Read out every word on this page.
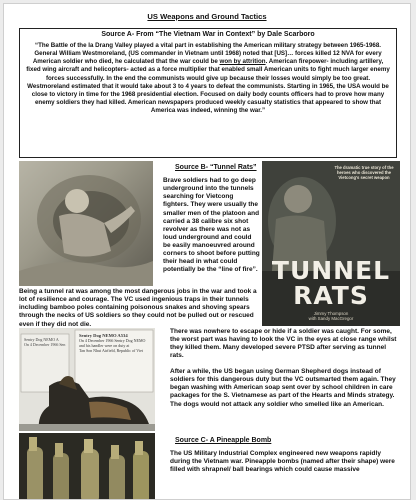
US Weapons and Ground Tactics
Source A- From “The Vietnam War in Context” by Dale Scarboro

“The Battle of the Ia Drang Valley played a vital part in establishing the American military strategy between 1965-1968. General William Westmoreland, (US commander in Vietnam until 1968) noted that [US]… forces killed 12 NVA for every American soldier who died, he calculated that the war could be won by attrition. American firepower- including artillery, fixed wing aircraft and helicopters- acted as a force multiplier that enabled small American units to fight much larger enemy forces successfully. In the end the communists would give up because their losses would simply be too great. Westmoreland estimated that it would take about 3 to 4 years to defeat the communists. Starting in 1965, the USA would be close to victory in time for the 1968 presidential election. Focused on daily body counts officers had to prove how many enemy soldiers they had killed. American newspapers produced weekly casualty statistics that appeared to show that America was indeed, winning the war.”

Source B- “Tunnel Rats”

Brave soldiers had to go deep underground into the tunnels searching for Vietcong fighters. They were usually the smaller men of the platoon and carried a 38 calibre six shot revolver as there was not as loud underground and could be easily manoeuvred around corners to shoot before putting their head in what could potentially be the “line of fire”.

The dramatic true story of the heroes who discovered the Vietcong's secret weapon
TUNNEL
RATS
Jimmy Thompson
with Sandy MacGregor

Being a tunnel rat was among the most dangerous jobs in the war and took a lot of resilience and courage. The VC used ingenious traps in their tunnels including bamboo poles containing poisonous snakes and shoving spears through the necks of US soldiers so they could not be pulled out or rescued even if they did not die.

Sentry Dog NEMO A
On 4 December 1966 Sen
Sentry Dog NEMO A534
On 4 December 1966 Sentry Dog NEMO
and his handler were on duty at
Tan Son Nhut Airfield, Republic of Viet

There was nowhere to escape or hide if a soldier was caught. For some, the worst part was having to look the VC in the eyes at close range whilst they killed them. Many developed severe PTSD after serving as tunnel rats.

After a while, the US began using German Shepherd dogs instead of soldiers for this dangerous duty but the VC outsmarted them again. They began washing with American soap sent over by school children in care packages for the S. Vietnamese as part of the Hearts and Minds strategy. The dogs would not attack any soldier who smelled like an American.

Source C- A Pineapple Bomb

The US Military Industrial Complex engineered new weapons rapidly during the Vietnam war. Pineapple bombs (named after their shape) were filled with shrapnel/ ball bearings which could cause massive
